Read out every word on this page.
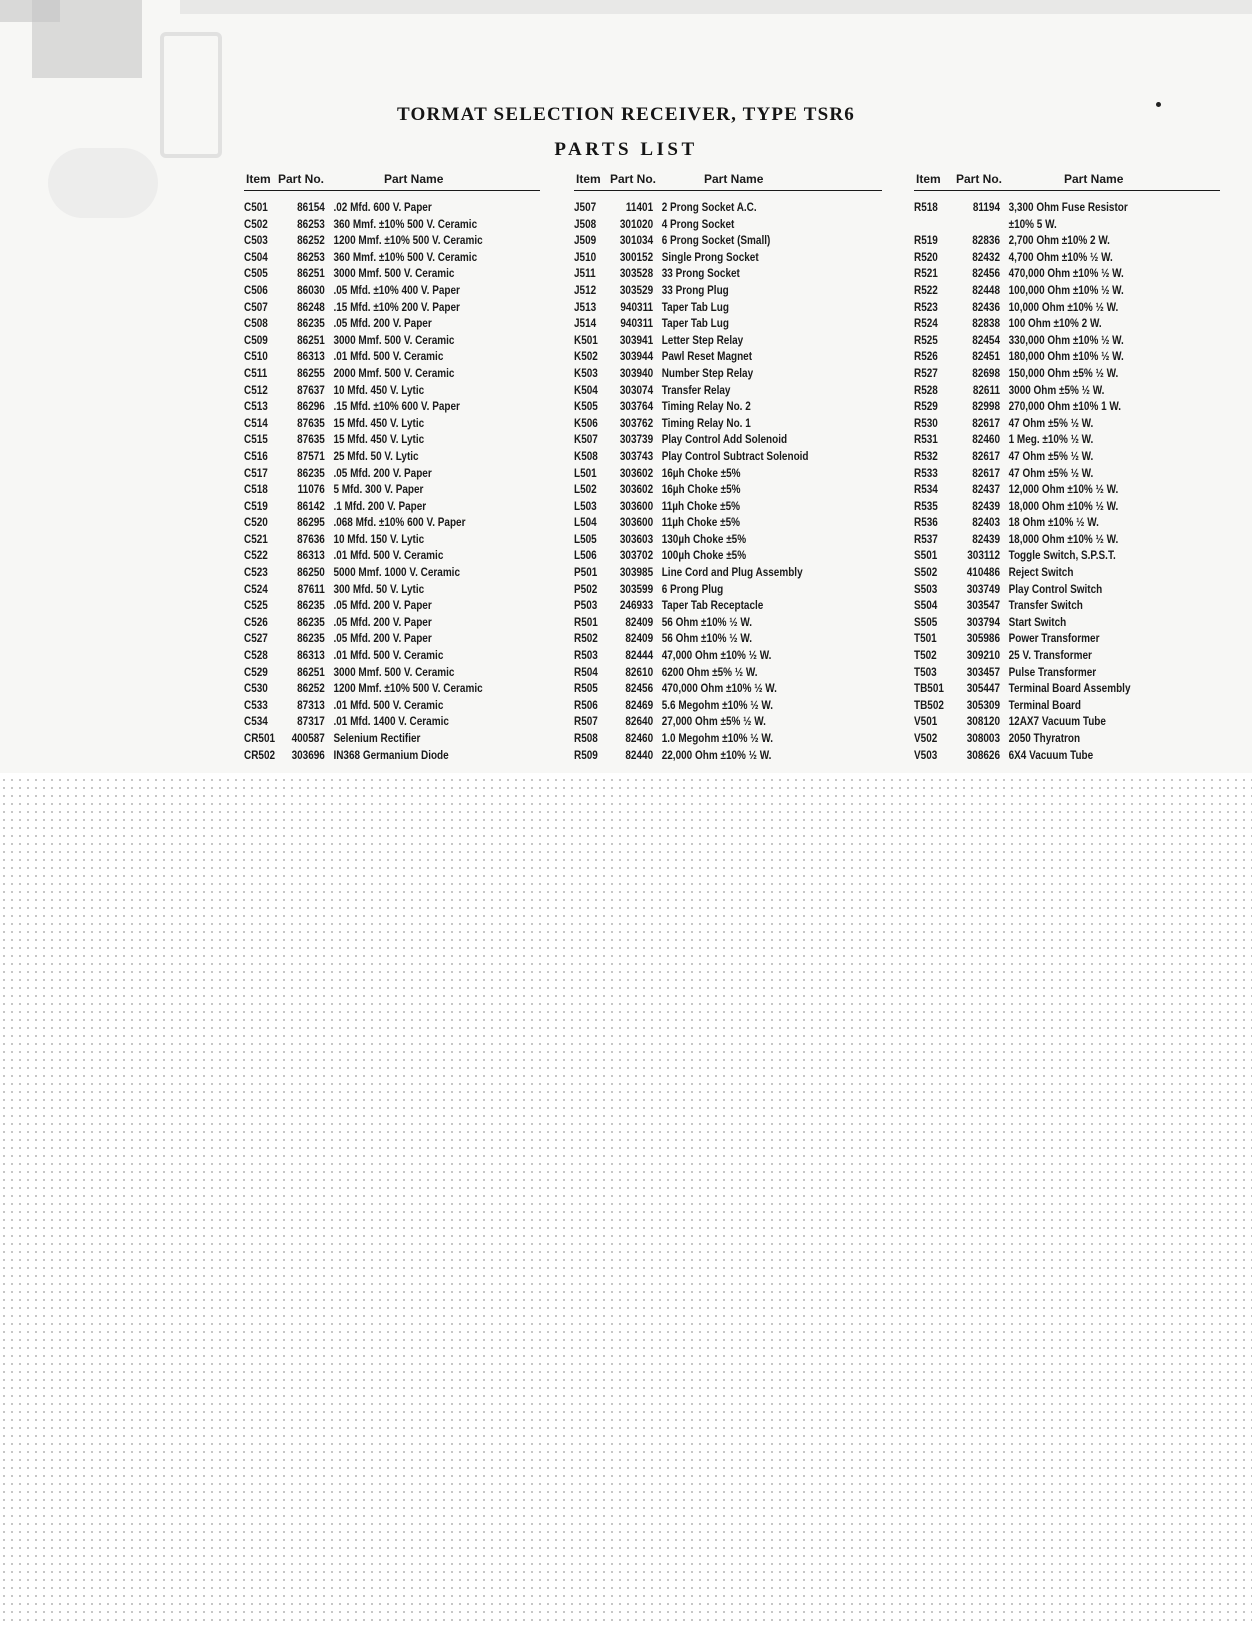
TORMAT SELECTION RECEIVER, TYPE TSR6
PARTS LIST
Item Part No.	Part Name
C501	86154 .02 Mfd. 600 V. Paper
C502	86253 360 Mmf. ±10% 500 V. Ceramic
C503	86252 1200 Mmf. ±10% 500 V. Ceramic
C504	86253 360 Mmf. ±10% 500 V. Ceramic
C505	86251 3000 Mmf. 500 V. Ceramic
C506	86030 .05 Mfd. ±10% 400 V. Paper
C507	86248 .15 Mfd. ±10% 200 V. Paper
C508	86235 .05 Mfd. 200 V. Paper
C509	86251 3000 Mmf. 500 V. Ceramic
C510	86313 .01 Mfd. 500 V. Ceramic
C511	86255 2000 Mmf. 500 V. Ceramic
C512	87637 10 Mfd. 450 V. Lytic
C513	86296 .15 Mfd. ±10% 600 V. Paper
C514	87635 15 Mfd. 450 V. Lytic
C515	87635 15 Mfd. 450 V. Lytic
C516	87571 25 Mfd. 50 V. Lytic
C517	86235 .05 Mfd. 200 V. Paper
C518	11076 5 Mfd. 300 V. Paper
C519	86142 .1 Mfd. 200 V. Paper
C520	86295 .068 Mfd. ±10% 600 V. Paper
C521	87636 10 Mfd. 150 V. Lytic
C522	86313 .01 Mfd. 500 V. Ceramic
C523	86250 5000 Mmf. 1000 V. Ceramic
C524	87611 300 Mfd. 50 V. Lytic
C525	86235 .05 Mfd. 200 V. Paper
C526	86235 .05 Mfd. 200 V. Paper
C527	86235 .05 Mfd. 200 V. Paper
C528	86313 .01 Mfd. 500 V. Ceramic
C529	86251 3000 Mmf. 500 V. Ceramic
C530	86252 1200 Mmf. ±10% 500 V. Ceramic
C533	87313 .01 Mfd. 500 V. Ceramic
C534	87317 .01 Mfd. 1400 V. Ceramic
CR501	400587 Selenium Rectifier
CR502	303696 IN368 Germanium Diode
Item Part No.	Part Name
J507	11401 2 Prong Socket A.C.
J508	301020 4 Prong Socket
J509	301034 6 Prong Socket (Small)
J510	300152 Single Prong Socket
J511	303528 33 Prong Socket
J512	303529 33 Prong Plug
J513	940311 Taper Tab Lug
J514	940311 Taper Tab Lug
K501	303941 Letter Step Relay
K502	303944 Pawl Reset Magnet
K503	303940 Number Step Relay
K504	303074 Transfer Relay
K505	303764 Timing Relay No. 2
K506	303762 Timing Relay No. 1
K507	303739 Play Control Add Solenoid
K508	303743 Play Control Subtract Solenoid
L501	303602 16µh Choke ±5%
L502	303602 16µh Choke ±5%
L503	303600 11µh Choke ±5%
L504	303600 11µh Choke ±5%
L505	303603 130µh Choke ±5%
L506	303702 100µh Choke ±5%
P501	303985 Line Cord and Plug Assembly
P502	303599 6 Prong Plug
P503	246933 Taper Tab Receptacle
R501	82409 56 Ohm ±10% ½ W.
R502	82409 56 Ohm ±10% ½ W.
R503	82444 47,000 Ohm ±10% ½ W.
R504	82610 6200 Ohm ±5% ½ W.
R505	82456 470,000 Ohm ±10% ½ W.
R506	82469 5.6 Megohm ±10% ½ W.
R507	82640 27,000 Ohm ±5% ½ W.
R508	82460 1.0 Megohm ±10% ½ W.
R509	82440 22,000 Ohm ±10% ½ W.
Item Part No.	Part Name
R518	81194 3,300 Ohm Fuse Resistor
±10% 5 W.
R519	82836 2,700 Ohm ±10% 2 W.
R520	82432 4,700 Ohm ±10% ½ W.
R521	82456 470,000 Ohm ±10% ½ W.
R522	82448 100,000 Ohm ±10% ½ W.
R523	82436 10,000 Ohm ±10% ½ W.
R524	82838 100 Ohm ±10% 2 W.
R525	82454 330,000 Ohm ±10% ½ W.
R526	82451 180,000 Ohm ±10% ½ W.
R527	82698 150,000 Ohm ±5% ½ W.
R528	82611 3000 Ohm ±5% ½ W.
R529	82998 270,000 Ohm ±10% 1 W.
R530	82617 47 Ohm ±5% ½ W.
R531	82460 1 Meg. ±10% ½ W.
R532	82617 47 Ohm ±5% ½ W.
R533	82617 47 Ohm ±5% ½ W.
R534	82437 12,000 Ohm ±10% ½ W.
R535	82439 18,000 Ohm ±10% ½ W.
R536	82403 18 Ohm ±10% ½ W.
R537	82439 18,000 Ohm ±10% ½ W.
S501	303112 Toggle Switch, S.P.S.T.
S502	410486 Reject Switch
S503	303749 Play Control Switch
S504	303547 Transfer Switch
S505	303794 Start Switch
T501	305986 Power Transformer
T502	309210 25 V. Transformer
T503	303457 Pulse Transformer
TB501	305447 Terminal Board Assembly
TB502	305309 Terminal Board
V501	308120 12AX7 Vacuum Tube
V502	308003 2050 Thyratron
V503	308626 6X4 Vacuum Tube
